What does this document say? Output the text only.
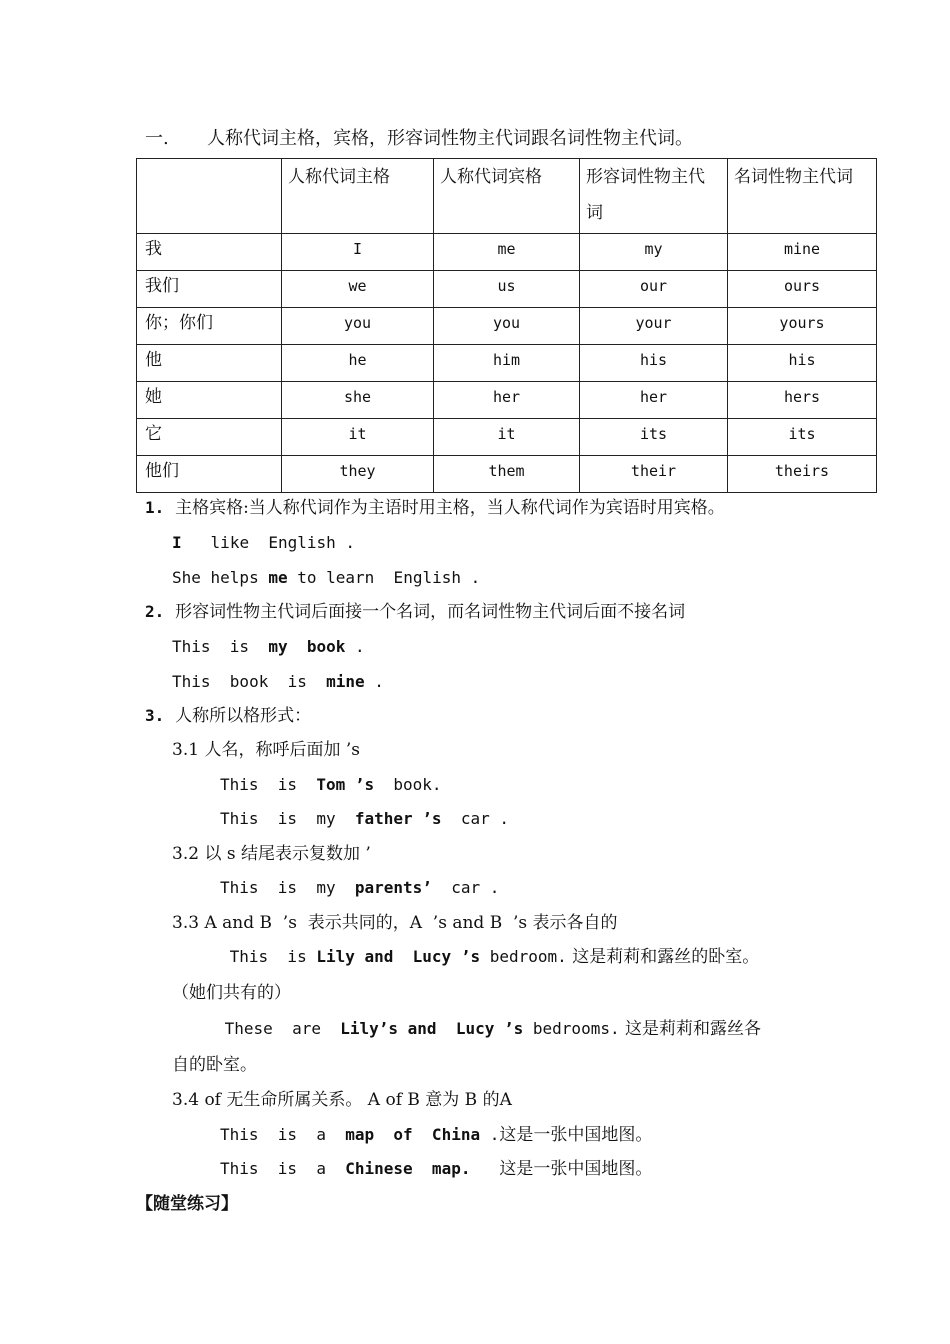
一. 人称代词主格，宾格，形容词性物主代词跟名词性物主代词。
	人称代词主格	人称代词宾格	形容词性物主代词	名词性物主代词
我	I	me	my	mine
我们	we	us	our	ours
你；你们	you	you	your	yours
他	he	him	his	his
她	she	her	her	hers
它	it	it	its	its
他们	they	them	their	theirs
1. 主格宾格:当人称代词作为主语时用主格，当人称代词作为宾语时用宾格。
I like  English .
She helps me to learn  English .
2. 形容词性物主代词后面接一个名词，而名词性物主代词后面不接名词
This  is  my  book .
This  book  is  mine .
3. 人称所以格形式：
3.1 人名，称呼后面加 ’s
This  is  Tom ’s  book.
This  is  my  father ’s  car .
3.2 以 s 结尾表示复数加 ’
This  is  my  parents’  car .
3.3 A and B  ’s  表示共同的，A  ’s and B  ’s 表示各自的
This  is Lily and  Lucy ’s bedroom. 这是莉莉和露丝的卧室。
（她们共有的）
These  are  Lily’s and  Lucy ’s bedrooms. 这是莉莉和露丝各
自的卧室。
3.4 of 无生命所属关系。 A of B 意为 B 的A
This  is  a  map  of  China .这是一张中国地图。
This  is  a  Chinese  map. 这是一张中国地图。
【随堂练习】
